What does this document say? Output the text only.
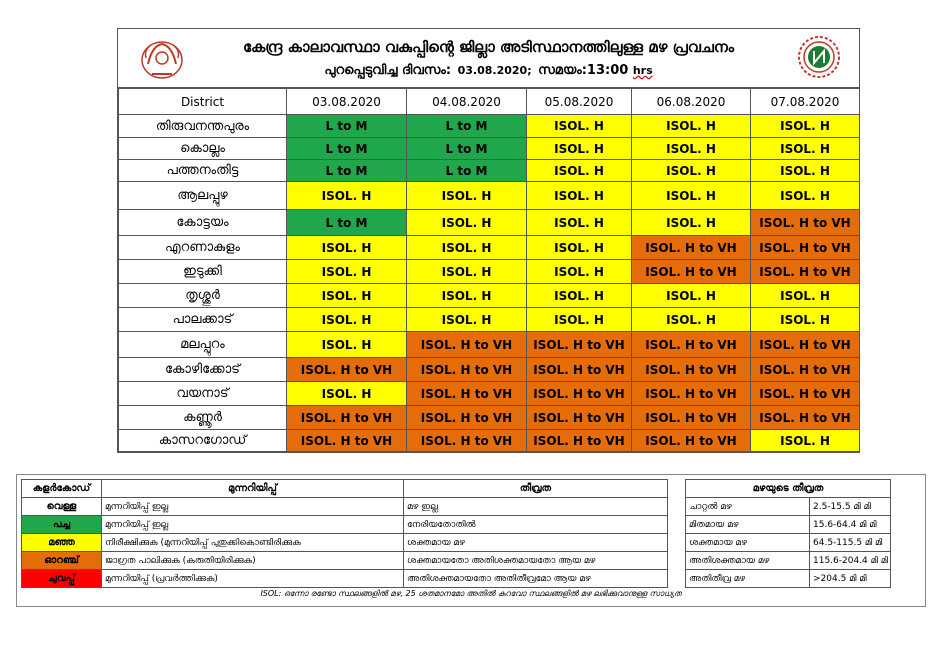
കേന്ദ്ര കാലാവസ്ഥാ വകുപ്പിന്റെ ജില്ലാ അടിസ്ഥാനത്തിലുള്ള മഴ പ്രവചനം
പുറപ്പെടുവിച്ച ദിവസം: 03.08.2020; സമയം:13:00 hrs
District	03.08.2020	04.08.2020	05.08.2020	06.08.2020	07.08.2020
തിരുവനന്തപുരം	L to M	L to M	ISOL. H	ISOL. H	ISOL. H
കൊല്ലം	L to M	L to M	ISOL. H	ISOL. H	ISOL. H
പത്തനംതിട്ട	L to M	L to M	ISOL. H	ISOL. H	ISOL. H
ആലപ്പുഴ	ISOL. H	ISOL. H	ISOL. H	ISOL. H	ISOL. H
കോട്ടയം	L to M	ISOL. H	ISOL. H	ISOL. H	ISOL. H to VH
എറണാകുളം	ISOL. H	ISOL. H	ISOL. H	ISOL. H to VH	ISOL. H to VH
ഇടുക്കി	ISOL. H	ISOL. H	ISOL. H	ISOL. H to VH	ISOL. H to VH
തൃശ്ശൂർ	ISOL. H	ISOL. H	ISOL. H	ISOL. H	ISOL. H
പാലക്കാട്	ISOL. H	ISOL. H	ISOL. H	ISOL. H	ISOL. H
മലപ്പുറം	ISOL. H	ISOL. H to VH	ISOL. H to VH	ISOL. H to VH	ISOL. H to VH
കോഴിക്കോട്	ISOL. H to VH	ISOL. H to VH	ISOL. H to VH	ISOL. H to VH	ISOL. H to VH
വയനാട്	ISOL. H	ISOL. H to VH	ISOL. H to VH	ISOL. H to VH	ISOL. H to VH
കണ്ണൂർ	ISOL. H to VH	ISOL. H to VH	ISOL. H to VH	ISOL. H to VH	ISOL. H to VH
കാസറഗോഡ്	ISOL. H to VH	ISOL. H to VH	ISOL. H to VH	ISOL. H to VH	ISOL. H
കളർകോഡ്	മുന്നറിയിപ്പ്	തീവ്രത
വെള്ള	മുന്നറിയിപ്പ് ഇല്ല	മഴ ഇല്ല
പച്ച	മുന്നറിയിപ്പ് ഇല്ല	നേരിയതോതിൽ
മഞ്ഞ	നിരീക്ഷിക്കുക (മുന്നറിയിപ്പ് പുതുക്കികൊണ്ടിരിക്കുക	ശക്തമായ മഴ
ഓറഞ്ച്	ജാഗ്രത പാലിക്കുക (കരുതിയിരിക്കുക)	ശക്തമായതോ അതിശക്തമായതോ ആയ മഴ
ചുവപ്പ്	മുന്നറിയിപ്പ് (പ്രവർത്തിക്കുക)	അതിശക്തമായതോ അതിതീവ്രമോ ആയ മഴ
മഴയുടെ തീവ്രത	
ചാറ്റൽ മഴ	2.5-15.5 മി മി
മിതമായ മഴ	15.6-64.4 മി മി
ശക്തമായ മഴ	64.5-115.5 മി മി
അതിശക്തമായ മഴ	115.6-204.4 മി മി
അതിതീവ്ര മഴ	>204.5 മി മി
ISOL: ഒന്നോ രണ്ടോ സ്ഥലങ്ങളിൽ മഴ, 25 ശതമാനമോ അതിൽ കുറവോ സ്ഥലങ്ങളിൽ മഴ ലഭിക്കുവാനുള്ള സാധ്യത
